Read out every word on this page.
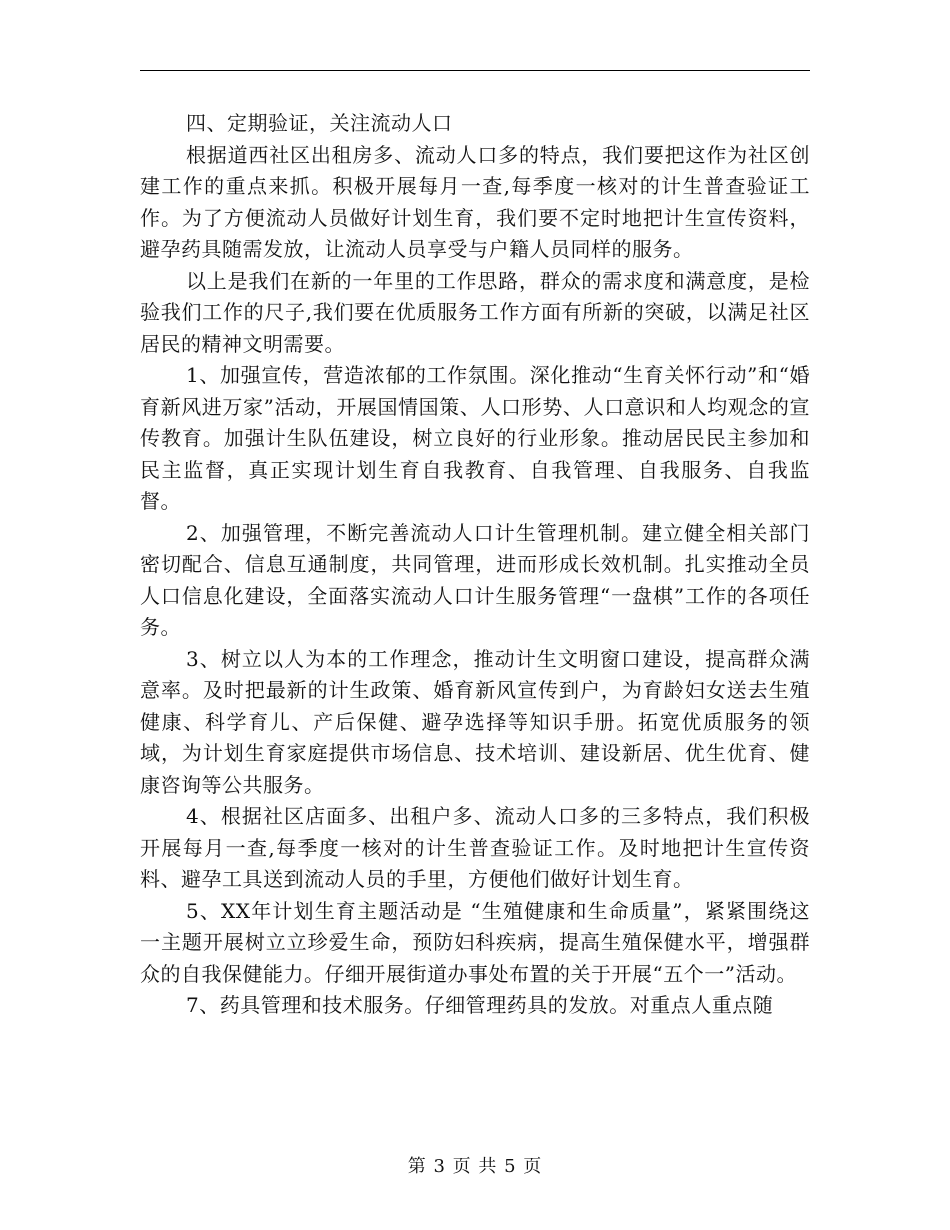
四、定期验证，关注流动人口

根据道西社区出租房多、流动人口多的特点，我们要把这作为社区创建工作的重点来抓。积极开展每月一查,每季度一核对的计生普查验证工作。为了方便流动人员做好计划生育，我们要不定时地把计生宣传资料，避孕药具随需发放，让流动人员享受与户籍人员同样的服务。

以上是我们在新的一年里的工作思路，群众的需求度和满意度，是检验我们工作的尺子,我们要在优质服务工作方面有所新的突破，以满足社区居民的精神文明需要。

1、加强宣传，营造浓郁的工作氛围。深化推动“生育关怀行动”和“婚育新风进万家”活动，开展国情国策、人口形势、人口意识和人均观念的宣传教育。加强计生队伍建设，树立良好的行业形象。推动居民民主参加和民主监督，真正实现计划生育自我教育、自我管理、自我服务、自我监督。

2、加强管理，不断完善流动人口计生管理机制。建立健全相关部门密切配合、信息互通制度，共同管理，进而形成长效机制。扎实推动全员人口信息化建设，全面落实流动人口计生服务管理“一盘棋”工作的各项任务。

3、树立以人为本的工作理念，推动计生文明窗口建设，提高群众满意率。及时把最新的计生政策、婚育新风宣传到户，为育龄妇女送去生殖健康、科学育儿、产后保健、避孕选择等知识手册。拓宽优质服务的领域，为计划生育家庭提供市场信息、技术培训、建设新居、优生优育、健康咨询等公共服务。

4、根据社区店面多、出租户多、流动人口多的三多特点，我们积极开展每月一查,每季度一核对的计生普查验证工作。及时地把计生宣传资料、避孕工具送到流动人员的手里，方便他们做好计划生育。

5、XX年计划生育主题活动是 “生殖健康和生命质量”，紧紧围绕这一主题开展树立立珍爱生命，预防妇科疾病，提高生殖保健水平，增强群众的自我保健能力。仔细开展街道办事处布置的关于开展“五个一”活动。

7、药具管理和技术服务。仔细管理药具的发放。对重点人重点随

第 3 页 共 5 页
